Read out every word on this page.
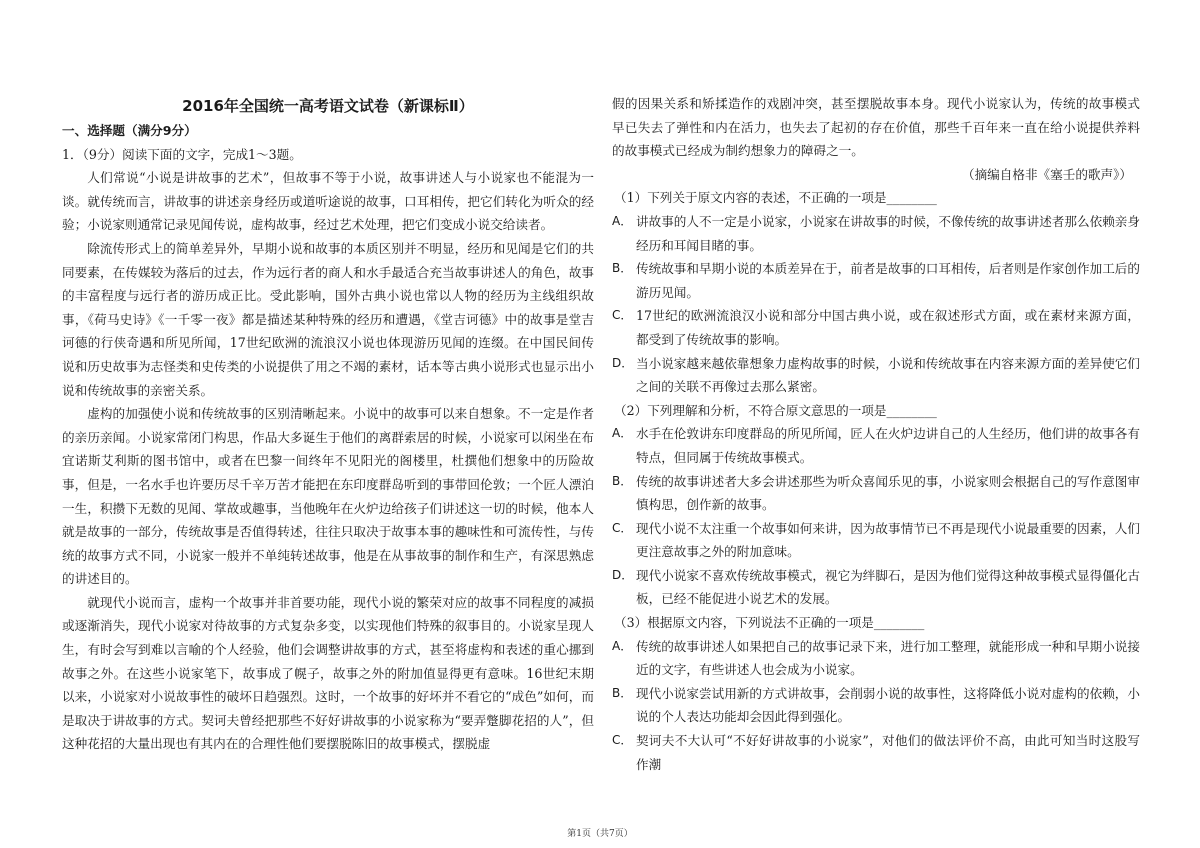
2016年全国统一高考语文试卷（新课标Ⅱ）
一、选择题（满分9分）

1．（9分）阅读下面的文字，完成1～3题。

人们常说“小说是讲故事的艺术”，但故事不等于小说，故事讲述人与小说家也不能混为一谈。就传统而言，讲故事的讲述亲身经历或道听途说的故事，口耳相传，把它们转化为听众的经验；小说家则通常记录见闻传说，虚构故事，经过艺术处理，把它们变成小说交给读者。

除流传形式上的简单差异外，早期小说和故事的本质区别并不明显，经历和见闻是它们的共同要素，在传媒较为落后的过去，作为远行者的商人和水手最适合充当故事讲述人的角色，故事的丰富程度与远行者的游历成正比。受此影响，国外古典小说也常以人物的经历为主线组织故事，《荷马史诗》《一千零一夜》都是描述某种特殊的经历和遭遇，《堂吉诃德》中的故事是堂吉诃德的行侠奇遇和所见所闻，17世纪欧洲的流浪汉小说也体现游历见闻的连缀。在中国民间传说和历史故事为志怪类和史传类的小说提供了用之不竭的素材，话本等古典小说形式也显示出小说和传统故事的亲密关系。

虚构的加强使小说和传统故事的区别清晰起来。小说中的故事可以来自想象。不一定是作者的亲历亲闻。小说家常闭门构思，作品大多诞生于他们的离群索居的时候，小说家可以闲坐在布宜诺斯艾利斯的图书馆中，或者在巴黎一间终年不见阳光的阁楼里，杜撰他们想象中的历险故事，但是，一名水手也许要历尽千辛万苦才能把在东印度群岛听到的事带回伦敦；一个匠人漂泊一生，积攒下无数的见闻、掌故或趣事，当他晚年在火炉边给孩子们讲述这一切的时候，他本人就是故事的一部分，传统故事是否值得转述，往往只取决于故事本事的趣味性和可流传性，与传统的故事方式不同，小说家一般并不单纯转述故事，他是在从事故事的制作和生产，有深思熟虑的讲述目的。

就现代小说而言，虚构一个故事并非首要功能，现代小说的繁荣对应的故事不同程度的减损或逐渐消失，现代小说家对待故事的方式复杂多变，以实现他们特殊的叙事目的。小说家呈现人生，有时会写到难以言喻的个人经验，他们会调整讲故事的方式，甚至将虚构和表述的重心挪到故事之外。在这些小说家笔下，故事成了幌子，故事之外的附加值显得更有意味。16世纪末期以来，小说家对小说故事性的破坏日趋强烈。这时，一个故事的好坏并不看它的“成色”如何，而是取决于讲故事的方式。契诃夫曾经把那些不好好讲故事的小说家称为“要弄蹩脚花招的人”，但这种花招的大量出现也有其内在的合理性᠎他们要摆脱陈旧的故事模式，摆脱虚

假的因果关系和矫揉造作的戏剧冲突，甚至摆脱故事本身。现代小说家认为，传统的故事模式早已失去了弹性和内在活力，也失去了起初的存在价值，那些千百年来一直在给小说提供养料的故事模式已经成为制约想象力的障碍之一。

（摘编自格非《塞壬的歌声》）

（1）下列关于原文内容的表述，不正确的一项是________

A． 讲故事的人不一定是小说家，小说家在讲故事的时候，不像传统的故事讲述者那么依赖亲身经历和耳闻目睹的事。
B． 传统故事和早期小说的本质差异在于，前者是故事的口耳相传，后者则是作家创作加工后的游历见闻。
C． 17世纪的欧洲流浪汉小说和部分中国古典小说，或在叙述形式方面，或在素材来源方面，都受到了传统故事的影响。
D． 当小说家越来越依靠想象力虚构故事的时候，小说和传统故事在内容来源方面的差异使它们之间的关联不再像过去那么紧密。

（2）下列理解和分析，不符合原文意思的一项是________

A． 水手在伦敦讲东印度群岛的所见所闻，匠人在火炉边讲自己的人生经历，他们讲的故事各有特点，但同属于传统故事模式。
B． 传统的故事讲述者大多会讲述那些为听众喜闻乐见的事，小说家则会根据自己的写作意图审慎构思，创作新的故事。
C． 现代小说不太注重一个故事如何来讲，因为故事情节已不再是现代小说最重要的因素，人们更注意故事之外的附加意味。
D． 现代小说家不喜欢传统故事模式，视它为绊脚石，是因为他们觉得这种故事模式显得僵化古板，已经不能促进小说艺术的发展。

（3）根据原文内容，下列说法不正确的一项是________

A． 传统的故事讲述人如果把自己的故事记录下来，进行加工整理，就能形成一种和早期小说接近的文字，有些讲述人也会成为小说家。
B． 现代小说家尝试用新的方式讲故事，会削弱小说的故事性，这将降低小说对虚构的依赖，小说的个人表达功能却会因此得到强化。
C． 契诃夫不大认可“不好好讲故事的小说家”，对他们的做法评价不高，由此可知当时这股写作潮
第1页（共7页）
